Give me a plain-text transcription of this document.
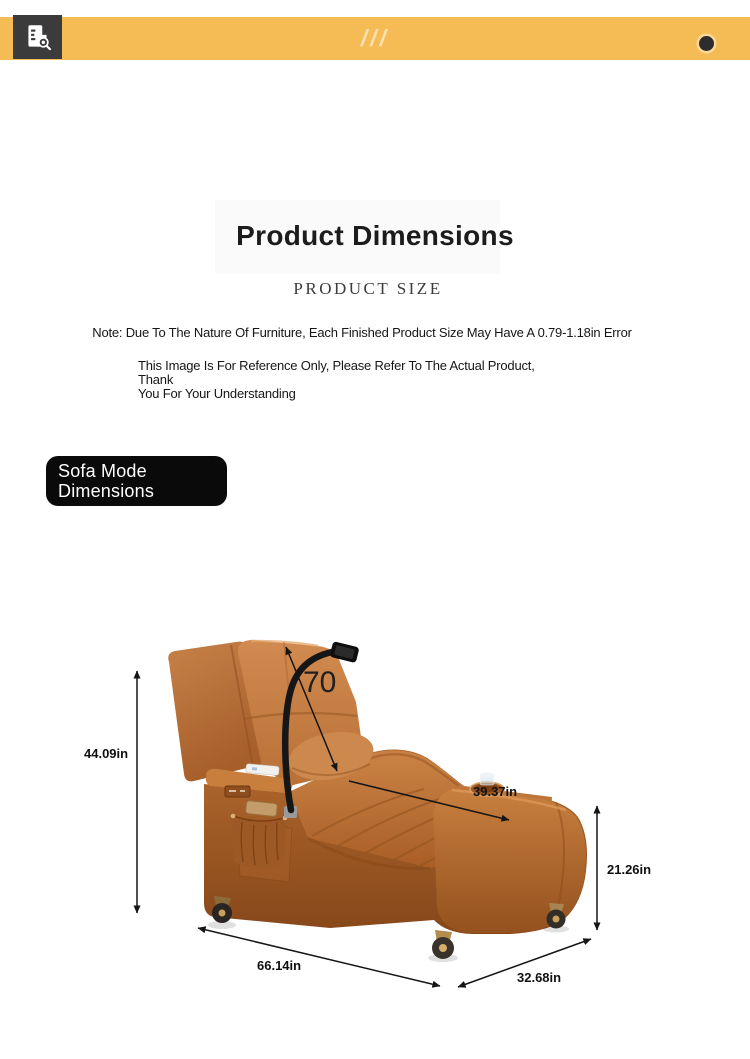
///
Product Dimensions
PRODUCT SIZE
Note: Due To The Nature Of Furniture, Each Finished Product Size May Have A 0.79-1.18in Error
This Image Is For Reference Only, Please Refer To The Actual Product, Thank
You For Your Understanding
Sofa Mode
Dimensions
44.09in
70
39.37in
21.26in
66.14in
32.68in
